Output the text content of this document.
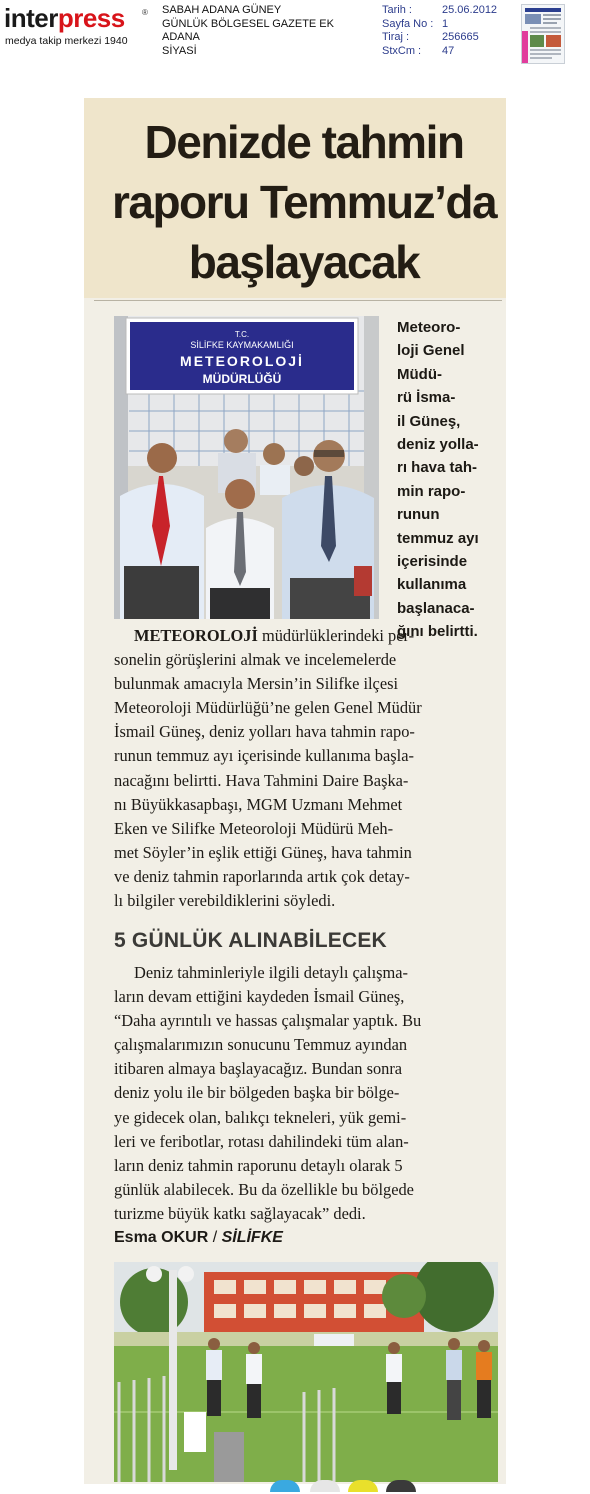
interpress ®
medya takip merkezi 1940
SABAH ADANA GÜNEY
GÜNLÜK BÖLGESEL GAZETE EK
ADANA
SİYASİ
Tarih :	25.06.2012
Sayfa No : 1
Tiraj :	256665
StxCm :	47
Denizde tahmin
raporu Temmuz’da
başlayacak
T.C.
SİLİFKE KAYMAKAMLIĞI
METEOROLOJİ
MÜDÜRLÜĞÜ
Meteoro-
loji Genel
Müdü-
rü İsma-
il Güneş,
deniz yolla-
rı hava tah-
min rapo-
runun
temmuz ayı
içerisinde
kullanıma
başlanaca-
ğını belirtti.
METEOROLOJİ müdürlüklerindeki per-
sonelin görüşlerini almak ve incelemelerde
bulunmak amacıyla Mersin’in Silifke ilçesi
Meteoroloji Müdürlüğü’ne gelen Genel Müdür
İsmail Güneş, deniz yolları hava tahmin rapo-
runun temmuz ayı içerisinde kullanıma başla-
nacağını belirtti. Hava Tahmini Daire Başka-
nı Büyükkasapbaşı, MGM Uzmanı Mehmet
Eken ve Silifke Meteoroloji Müdürü Meh-
met Söyler’in eşlik ettiği Güneş, hava tahmin
ve deniz tahmin raporlarında artık çok detay-
lı bilgiler verebildiklerini söyledi.
5 GÜNLÜK ALINABİLECEK
Deniz tahminleriyle ilgili detaylı çalışma-
ların devam ettiğini kaydeden İsmail Güneş,
“Daha ayrıntılı ve hassas çalışmalar yaptık. Bu
çalışmalarımızın sonucunu Temmuz ayından
itibaren almaya başlayacağız. Bundan sonra
deniz yolu ile bir bölgeden başka bir bölge-
ye gidecek olan, balıkçı tekneleri, yük gemi-
leri ve feribotlar, rotası dahilindeki tüm alan-
ların deniz tahmin raporunu detaylı olarak 5
günlük alabilecek. Bu da özellikle bu bölgede
turizme büyük katkı sağlayacak” dedi.
Esma OKUR / SİLİFKE
